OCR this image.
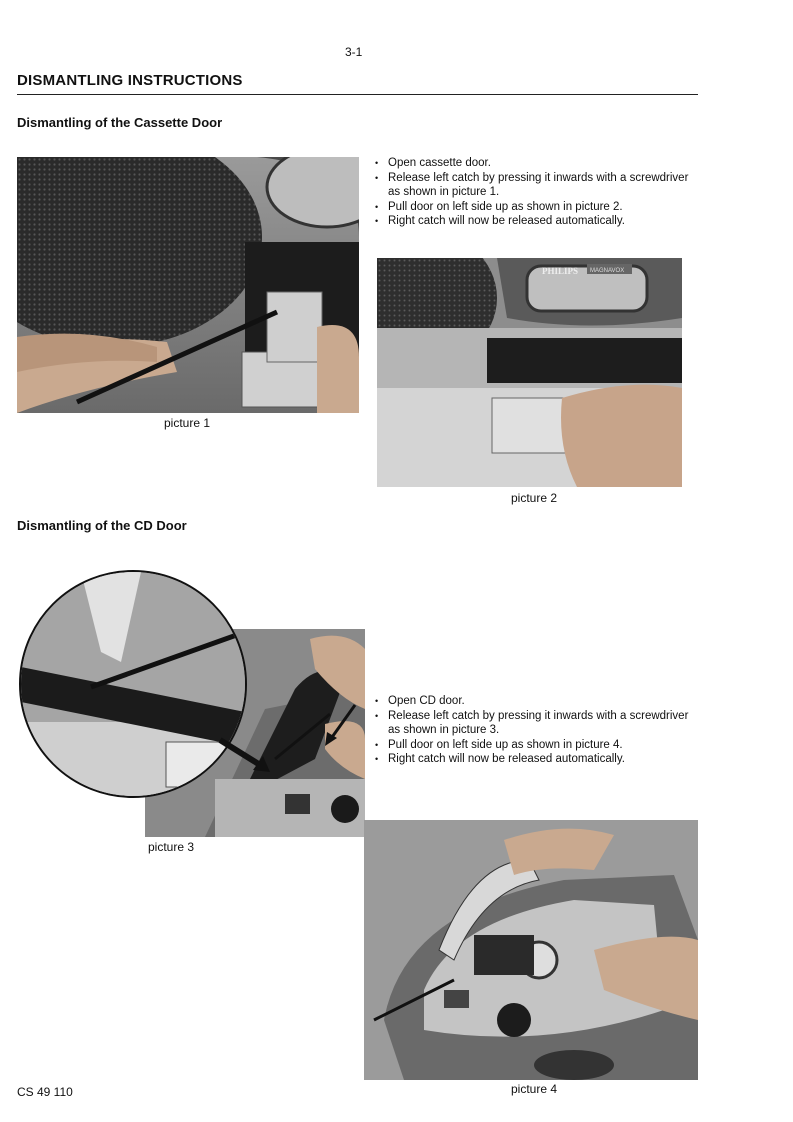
3-1
DISMANTLING INSTRUCTIONS
Dismantling of the Cassette Door
picture 1
• Open cassette door.
• Release left catch by pressing it inwards with a screwdriver as shown in picture 1.
• Pull door on left side up as shown in picture 2.
• Right catch will now be released automatically.
PHILIPS MAGNAVOX
picture 2
Dismantling of the CD Door
picture 3
• Open CD door.
• Release left catch by pressing it inwards with a screwdriver as shown in picture 3.
• Pull door on left side up as shown in picture 4.
• Right catch will now be released automatically.
picture 4
CS 49 110
